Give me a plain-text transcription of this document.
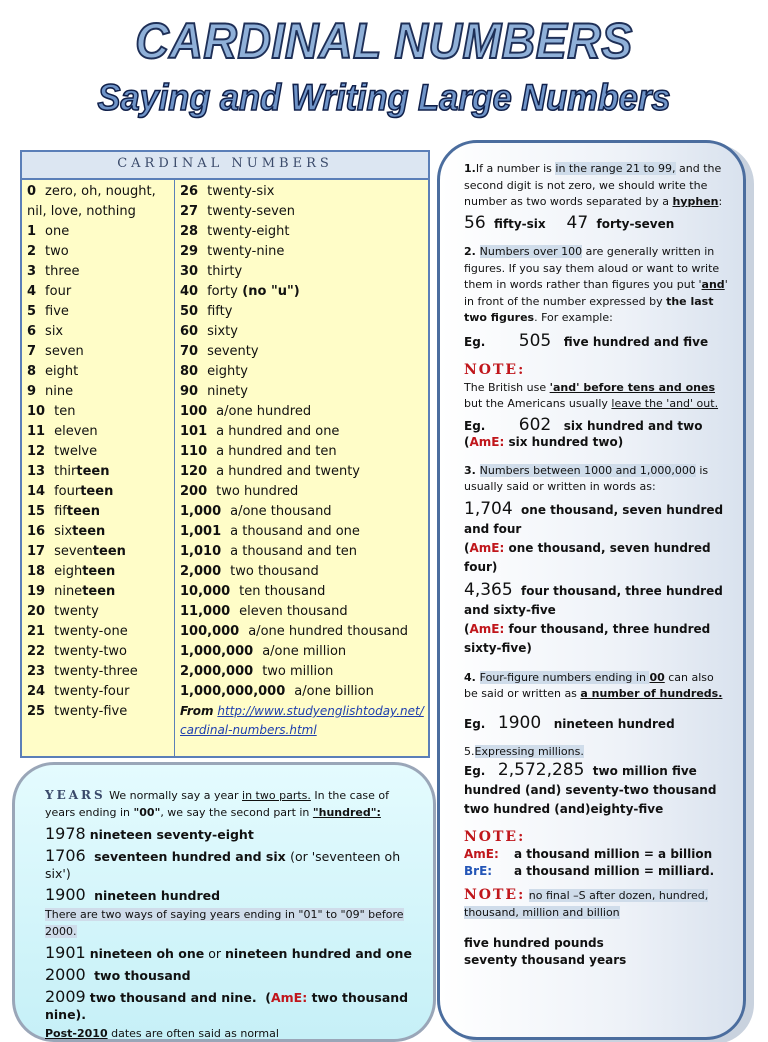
CARDINAL NUMBERS
Saying and Writing Large Numbers
CARDINAL NUMBERS
0 zero, oh, nought, nil, love, nothing
1 one
2 two
3 three
4 four
5 five
6 six
7 seven
8 eight
9 nine
10 ten
11 eleven
12 twelve
13 thirteen
14 fourteen
15 fifteen
16 sixteen
17 seventeen
18 eighteen
19 nineteen
20 twenty
21 twenty-one
22 twenty-two
23 twenty-three
24 twenty-four
25 twenty-five
26 twenty-six
27 twenty-seven
28 twenty-eight
29 twenty-nine
30 thirty
40 forty (no "u")
50 fifty
60 sixty
70 seventy
80 eighty
90 ninety
100 a/one hundred
101 a hundred and one
110 a hundred and ten
120 a hundred and twenty
200 two hundred
1,000 a/one thousand
1,001 a thousand and one
1,010 a thousand and ten
2,000 two thousand
10,000 ten thousand
11,000 eleven thousand
100,000 a/one hundred thousand
1,000,000 a/one million
2,000,000 two million
1,000,000,000 a/one billion
From http://www.studyenglishtoday.net/ cardinal-numbers.html
YEARS We normally say a year in two parts. In the case of years ending in "00", we say the second part in "hundred":
1978 nineteen seventy-eight
1706 seventeen hundred and six (or 'seventeen oh six')
1900 nineteen hundred
There are two ways of saying years ending in "01" to "09" before 2000.
1901 nineteen oh one or nineteen hundred and one
2000 two thousand
2009 two thousand and nine.  (AmE: two thousand nine).
Post-2010 dates are often said as normal

1.If a number is in the range 21 to 99, and the second digit is not zero, we should write the number as two words separated by a hyphen:

56 fifty-six 47 forty-seven

2. Numbers over 100 are generally written in figures. If you say them aloud or want to write them in words rather than figures you put 'and' in front of the number expressed by the last two figures. For example:

Eg. 505 five hundred and five

NOTE:

The British use 'and' before tens and ones but the Americans usually leave the 'and' out.

Eg. 602 six hundred and two

(AmE: six hundred two)

3. Numbers between 1000 and 1,000,000 is usually said or written in words as:

1,704 one thousand, seven hundred and four
(AmE: one thousand, seven hundred four)

4,365 four thousand, three hundred and sixty-five
(AmE: four thousand, three hundred sixty-five)

4. Four-figure numbers ending in 00 can also be said or written as a number of hundreds.

Eg. 1900 nineteen hundred

5.Expressing millions.

Eg. 2,572,285 two million five hundred (and) seventy-two thousand two hundred (and)eighty-five

NOTE:

AmE: a thousand million = a billion

BrE: a thousand million = milliard.

NOTE: no final –S after dozen, hundred, thousand, million and billion

five hundred pounds

seventy thousand years
